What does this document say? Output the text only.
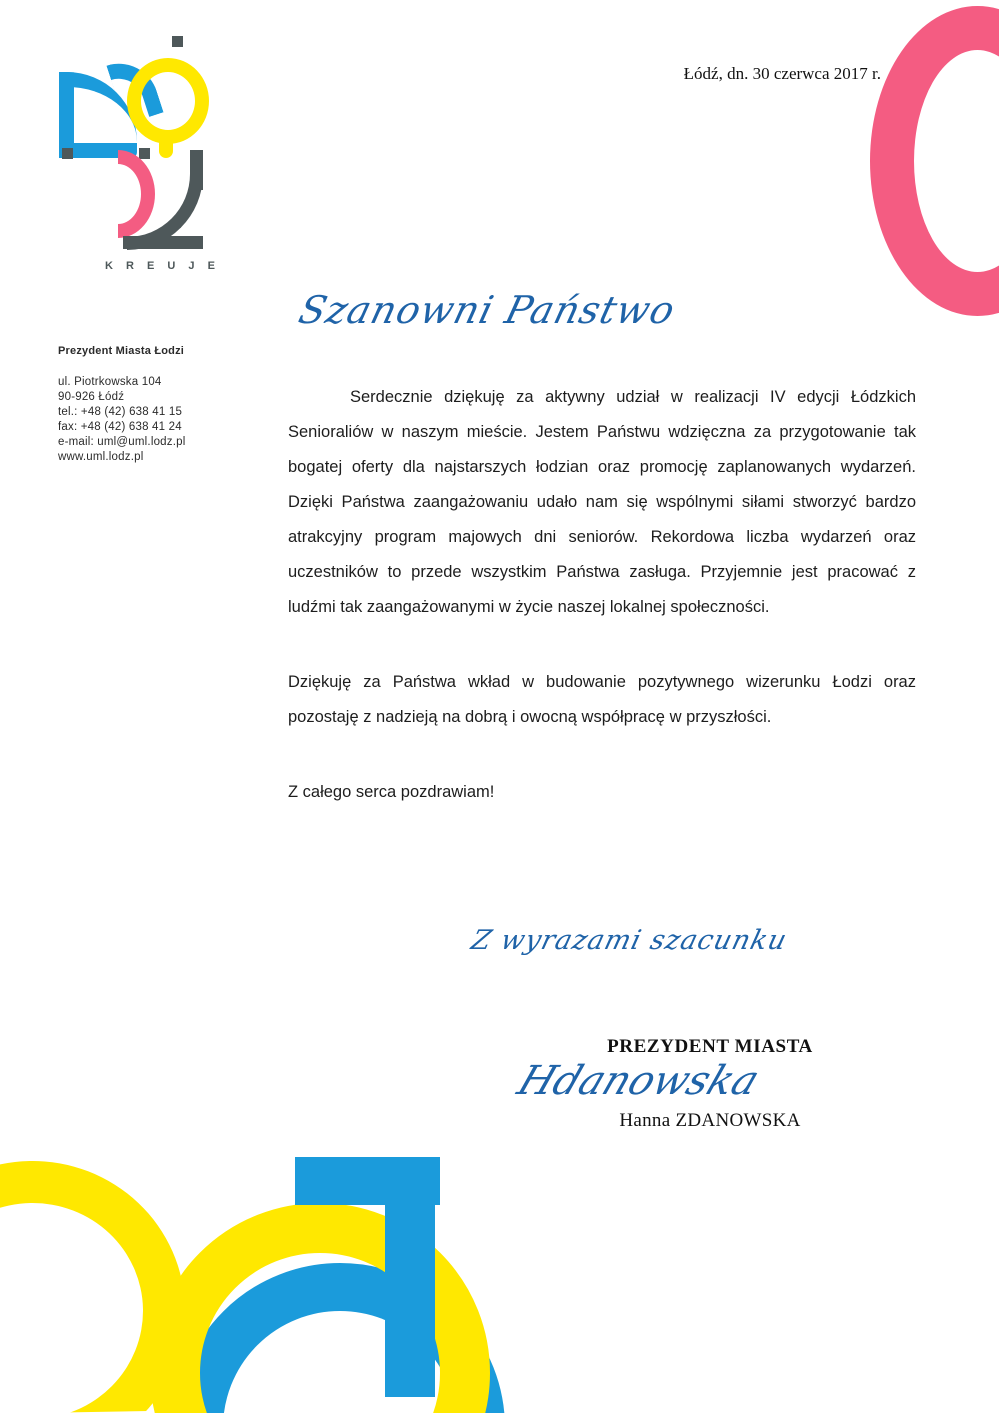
K R E U J E
Łódź, dn. 30 czerwca 2017 r.
Prezydent Miasta Łodzi
ul. Piotrkowska 104
90-926 Łódź
tel.: +48 (42) 638 41 15
fax: +48 (42) 638 41 24
e-mail: uml@uml.lodz.pl
www.uml.lodz.pl
Szanowni Państwo

Serdecznie dziękuję za aktywny udział w realizacji IV edycji Łódzkich Senioraliów w naszym mieście. Jestem Państwu wdzięczna za przygotowanie tak bogatej oferty dla najstarszych łodzian oraz promocję zaplanowanych wydarzeń. Dzięki Państwa zaangażowaniu udało nam się wspólnymi siłami stworzyć bardzo atrakcyjny program majowych dni seniorów. Rekordowa liczba wydarzeń oraz uczestników to przede wszystkim Państwa zasługa. Przyjemnie jest pracować z ludźmi tak zaangażowanymi w życie naszej lokalnej społeczności.

Dziękuję za Państwa wkład w budowanie pozytywnego wizerunku Łodzi oraz pozostaję z nadzieją na dobrą i owocną współpracę w przyszłości.

Z całego serca pozdrawiam!

Z wyrazami szacunku
PREZYDENT MIASTA
Hanna ZDANOWSKA
Hdanowska
